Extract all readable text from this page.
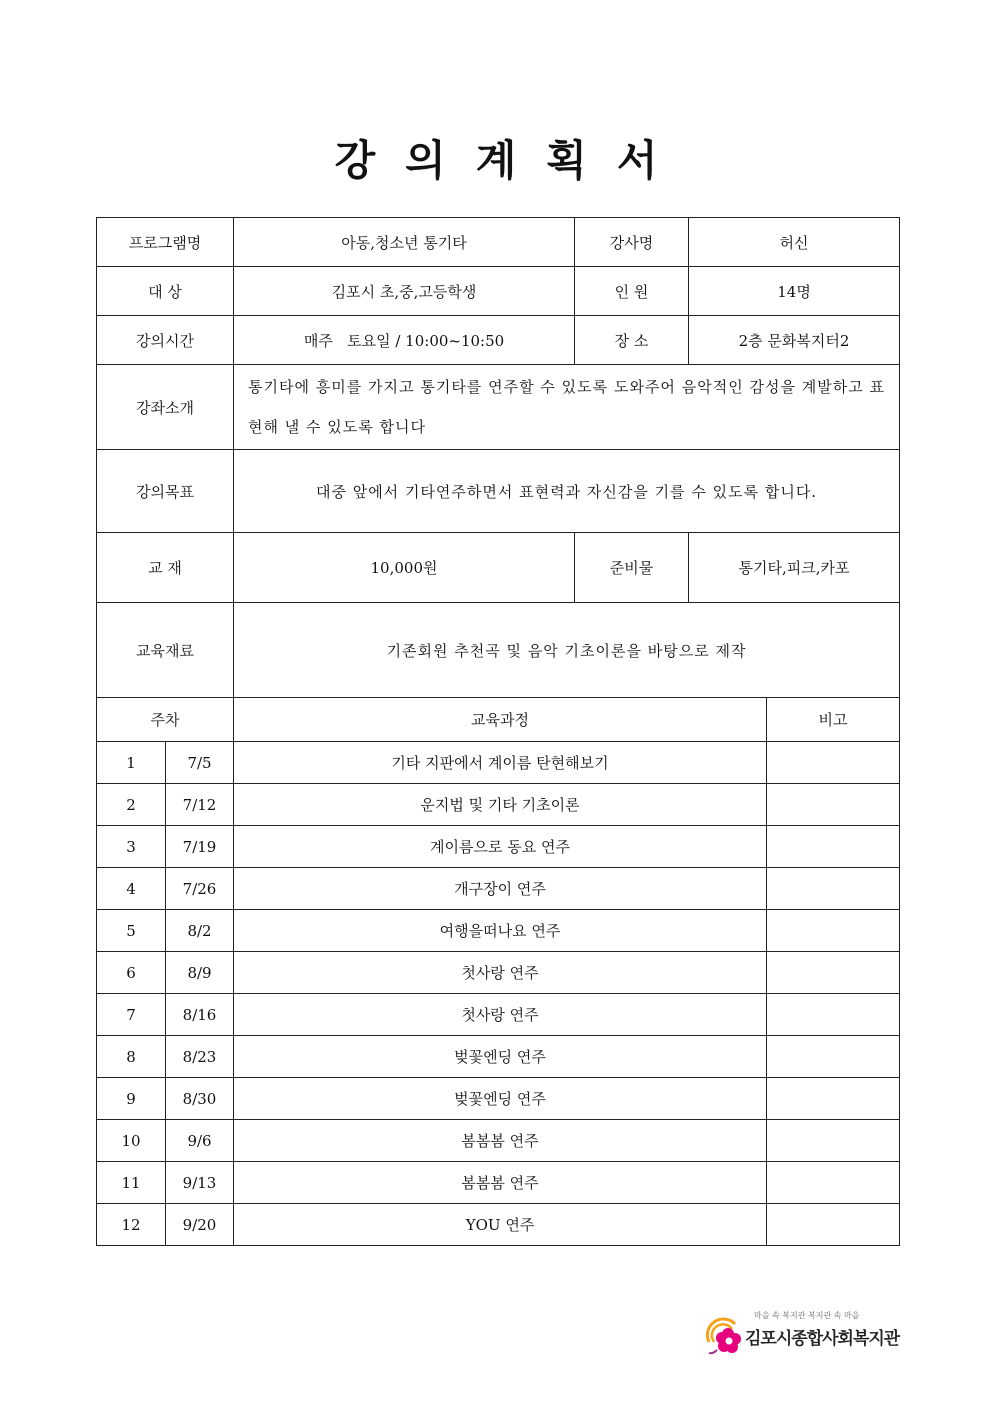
강의계획서
프로그램명		아동,청소년 통기타	강사명	허신	
대 상		김포시 초,중,고등학생	인 원	14명	
강의시간		매주   토요일 / 10:00~10:50	장 소	2층 문화복지터2	
강좌소개		통기타에 흥미를 가지고 통기타를 연주할 수 있도록 도와주어 음악적인 감성을 계발하고 표현해 낼 수 있도록 합니다			
강의목표		대중 앞에서 기타연주하면서 표현력과 자신감을 기를 수 있도록 합니다.			
교 재		10,000원	준비물	통기타,피크,카포	
교육재료		기존회원 추천곡 및 음악 기초이론을 바탕으로 제작			
주차		교육과정			비고
1	7/5	기타 지판에서 계이름 탄현해보기			
2	7/12	운지법 및 기타 기초이론			
3	7/19	계이름으로 동요 연주			
4	7/26	개구장이 연주			
5	8/2	여행을떠나요 연주			
6	8/9	첫사랑 연주			
7	8/16	첫사랑 연주			
8	8/23	벚꽃엔딩 연주			
9	8/30	벚꽃엔딩 연주			
10	9/6	봄봄봄 연주			
11	9/13	봄봄봄 연주			
12	9/20	YOU 연주			
마을 속 복지관 복지관 속 마을
김포시종합사회복지관
